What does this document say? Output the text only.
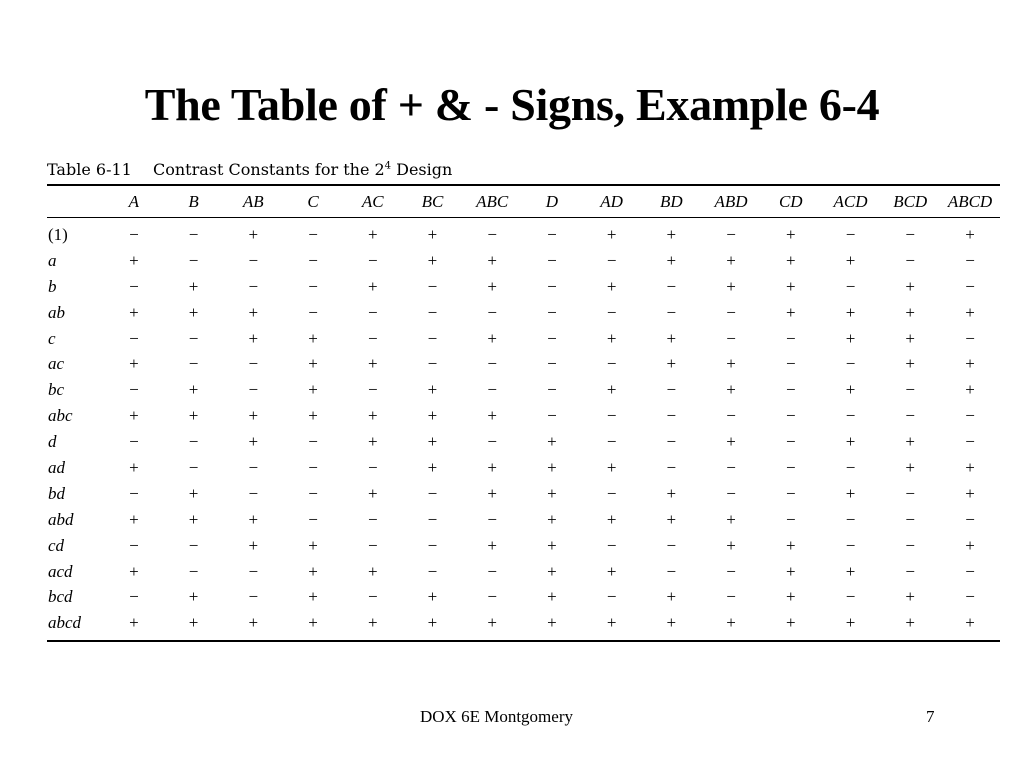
The Table of + & - Signs, Example 6-4
Table 6-11 Contrast Constants for the $2^4$ Design
	A	B	AB	C	AC	BC	ABC	D	AD	BD	ABD	CD	ACD	BCD	ABCD
(1)	−	−	+	−	+	+	−	−	+	+	−	+	−	−	+
a	+	−	−	−	−	+	+	−	−	+	+	+	+	−	−
b	−	+	−	−	+	−	+	−	+	−	+	+	−	+	−
ab	+	+	+	−	−	−	−	−	−	−	−	+	+	+	+
c	−	−	+	+	−	−	+	−	+	+	−	−	+	+	−
ac	+	−	−	+	+	−	−	−	−	+	+	−	−	+	+
bc	−	+	−	+	−	+	−	−	+	−	+	−	+	−	+
abc	+	+	+	+	+	+	+	−	−	−	−	−	−	−	−
d	−	−	+	−	+	+	−	+	−	−	+	−	+	+	−
ad	+	−	−	−	−	+	+	+	+	−	−	−	−	+	+
bd	−	+	−	−	+	−	+	+	−	+	−	−	+	−	+
abd	+	+	+	−	−	−	−	+	+	+	+	−	−	−	−
cd	−	−	+	+	−	−	+	+	−	−	+	+	−	−	+
acd	+	−	−	+	+	−	−	+	+	−	−	+	+	−	−
bcd	−	+	−	+	−	+	−	+	−	+	−	+	−	+	−
abcd	+	+	+	+	+	+	+	+	+	+	+	+	+	+	+
DOX 6E Montgomery	7
